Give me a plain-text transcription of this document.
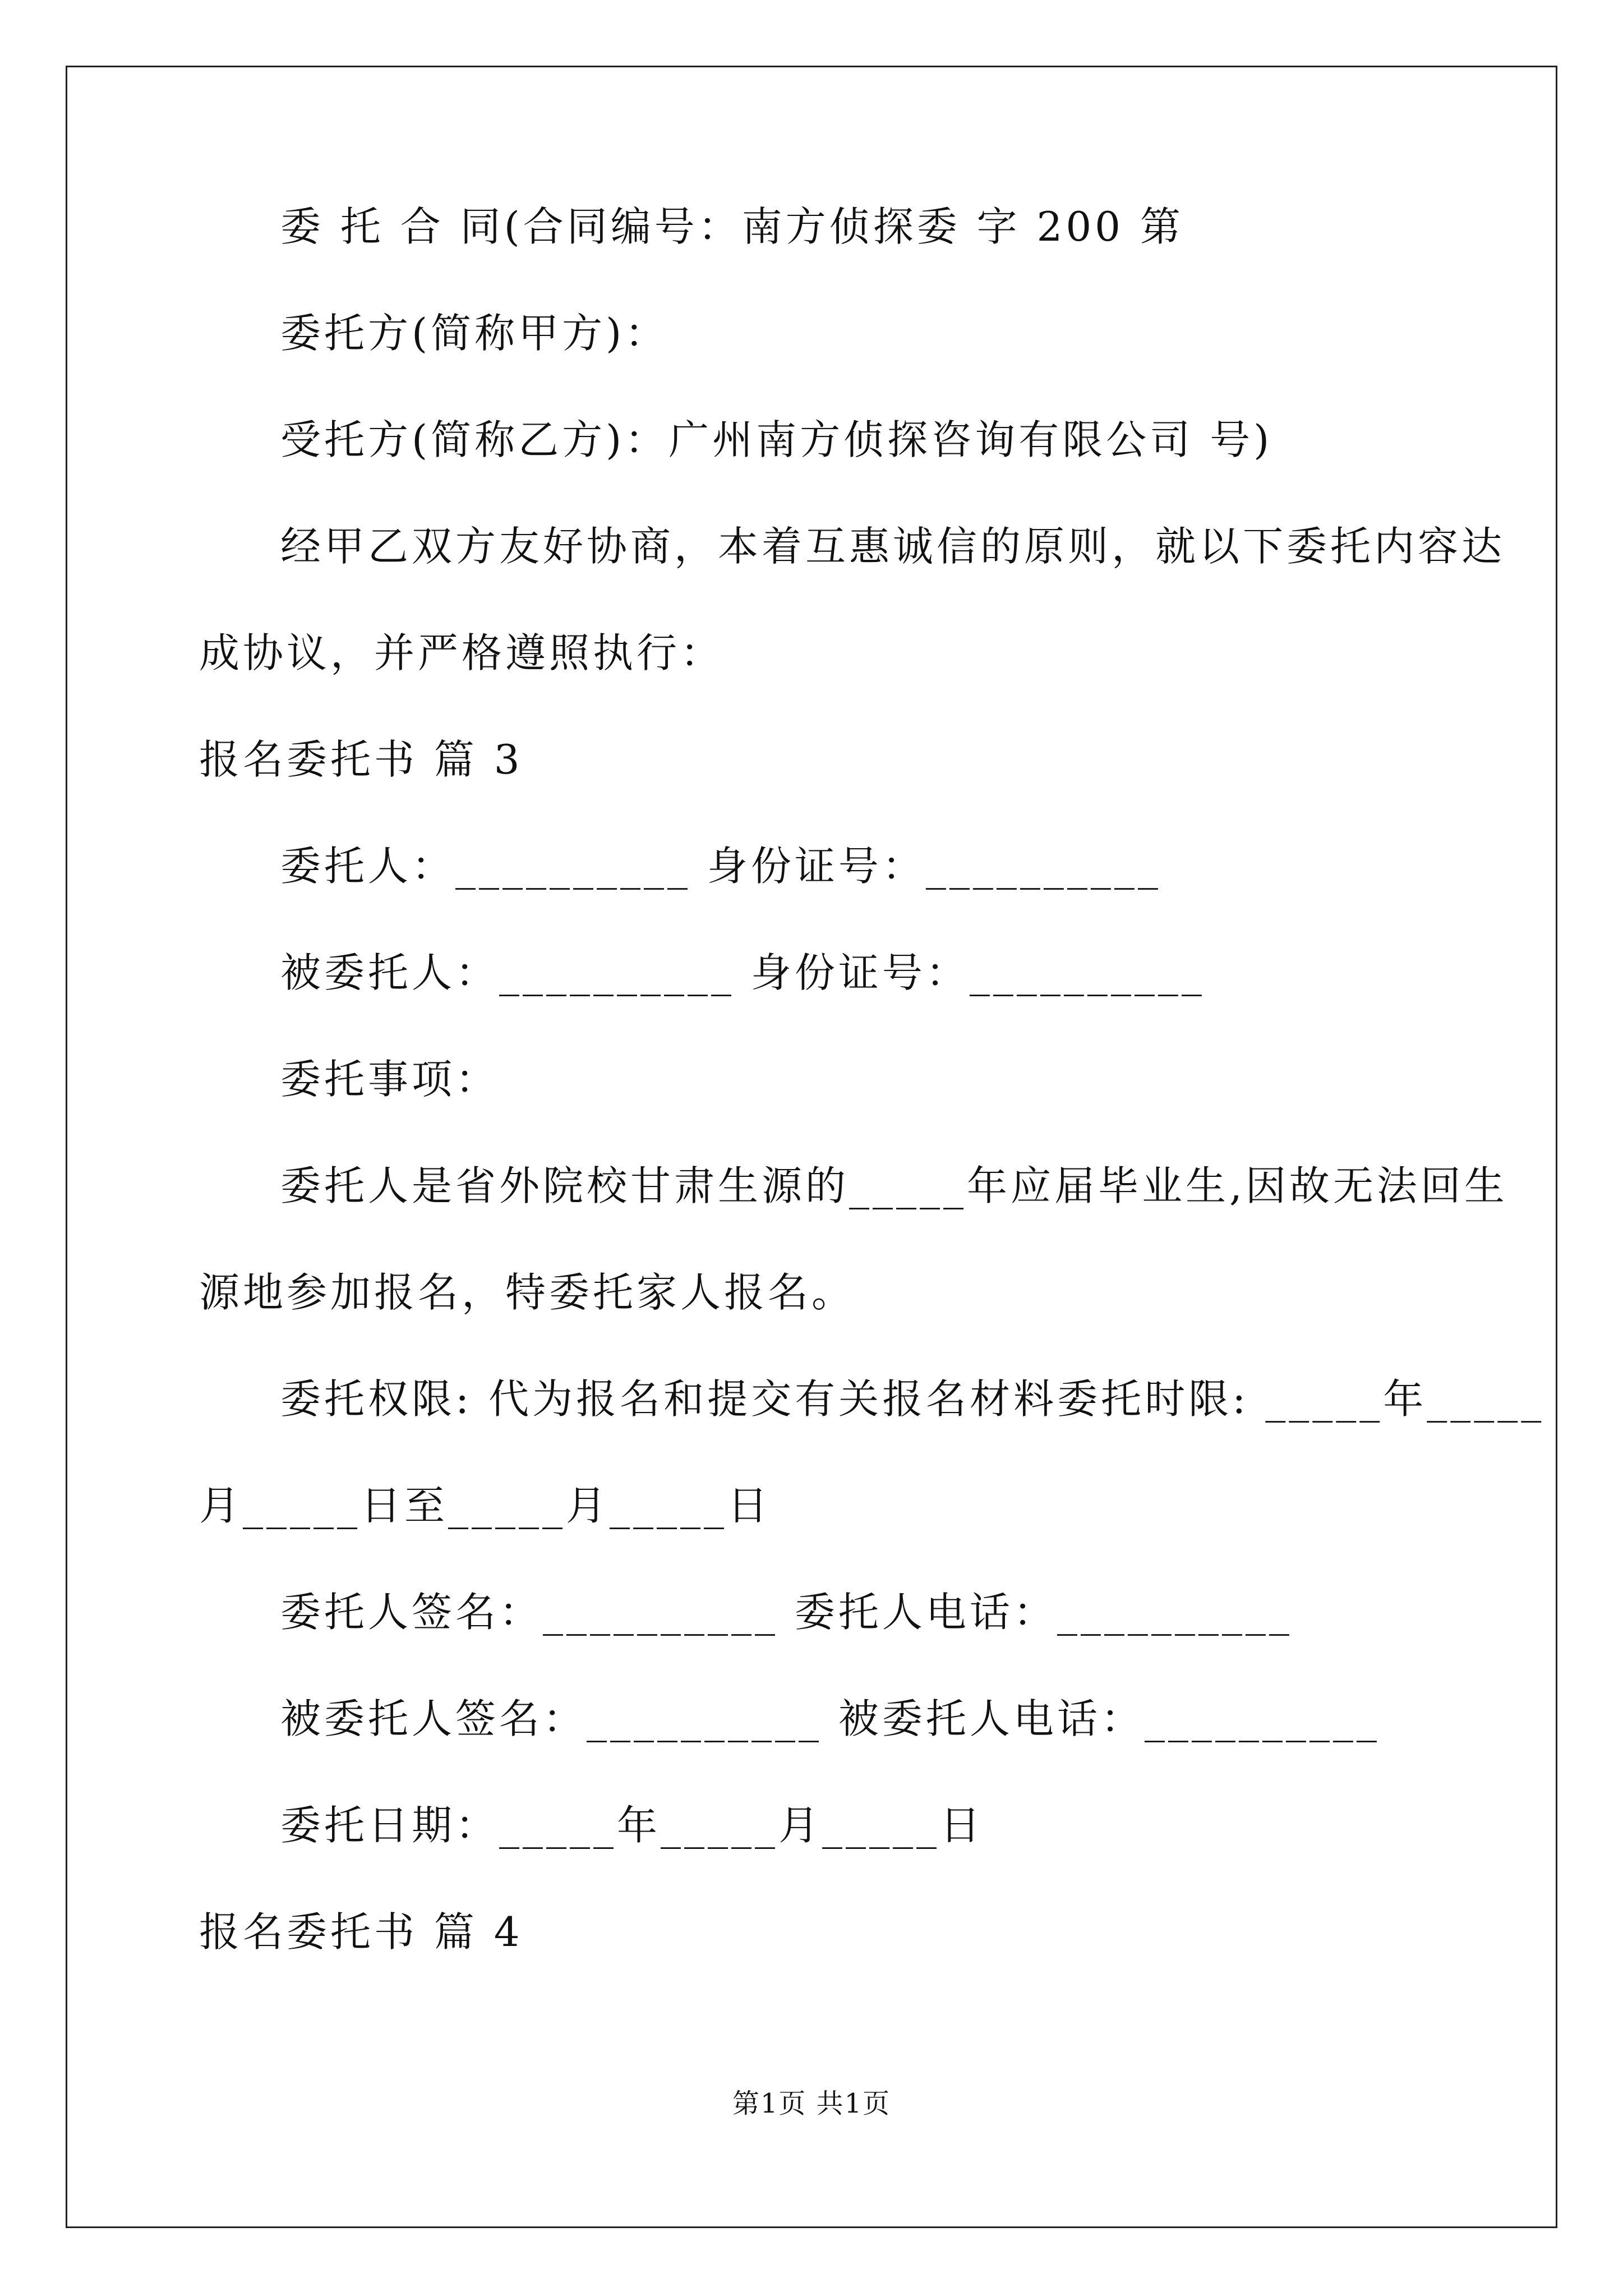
委 托 合 同(合同编号：南方侦探委 字 200 第
委托方(简称甲方)：
受托方(简称乙方)：广州南方侦探咨询有限公司 号)
经甲乙双方友好协商，本着互惠诚信的原则，就以下委托内容达
成协议，并严格遵照执行：
报名委托书 篇 3
委托人：__________ 身份证号：__________
被委托人：__________ 身份证号：__________
委托事项：
委托人是省外院校甘肃生源的_____年应届毕业生,因故无法回生
源地参加报名，特委托家人报名。
委托权限: 代为报名和提交有关报名材料委托时限: _____年_____
月_____日至_____月_____日
委托人签名：__________ 委托人电话：__________
被委托人签名：__________ 被委托人电话：__________
委托日期：_____年_____月_____日
报名委托书 篇 4
第1页 共1页
